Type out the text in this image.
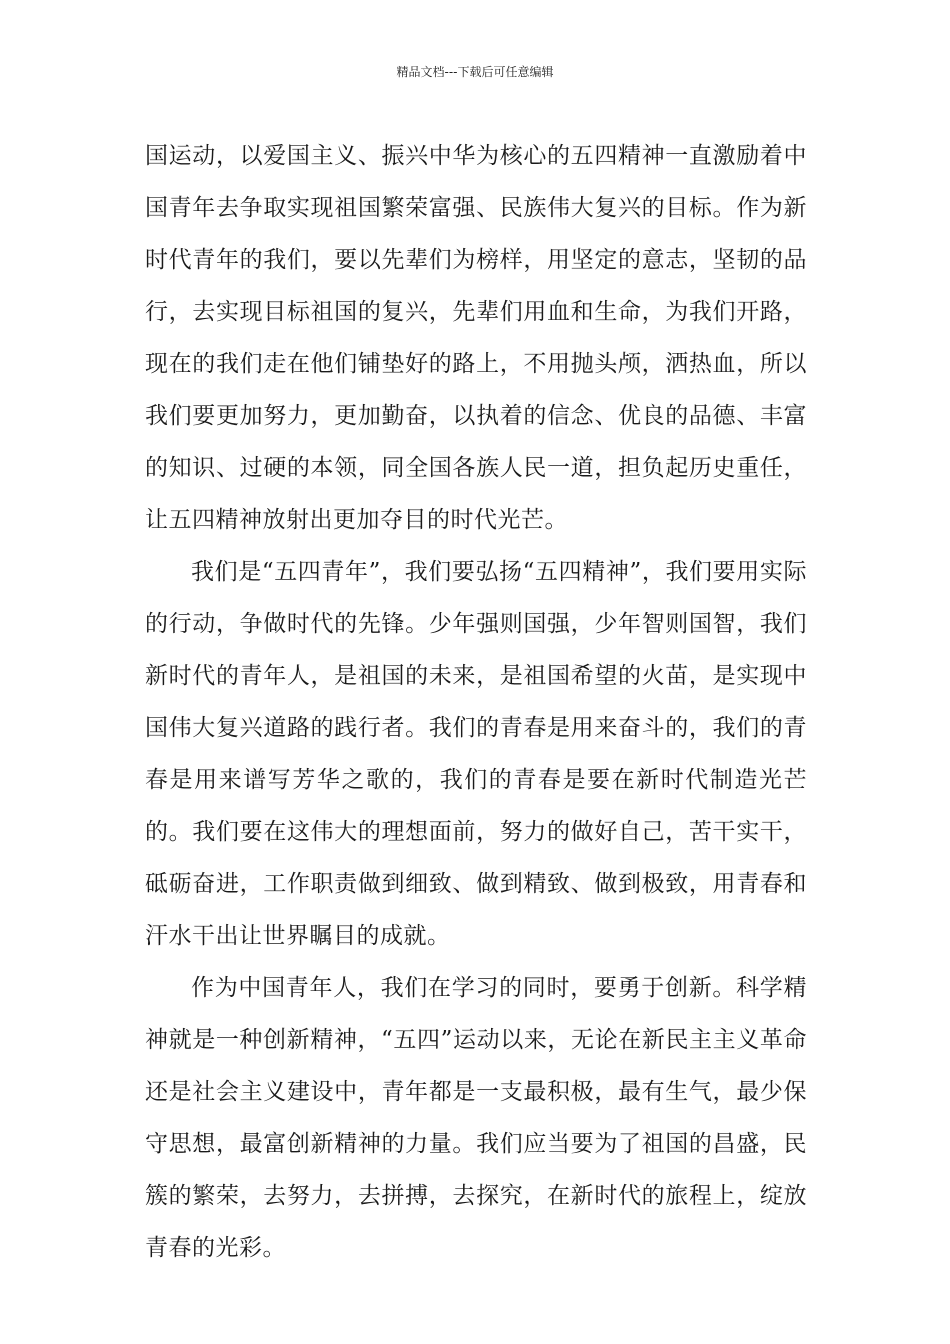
精品文档---下载后可任意编辑

国运动，以爱国主义、振兴中华为核心的五四精神一直激励着中国青年去争取实现祖国繁荣富强、民族伟大复兴的目标。作为新时代青年的我们，要以先辈们为榜样，用坚定的意志，坚韧的品行，去实现目标祖国的复兴，先辈们用血和生命，为我们开路，现在的我们走在他们铺垫好的路上，不用抛头颅，洒热血，所以我们要更加努力，更加勤奋，以执着的信念、优良的品德、丰富的知识、过硬的本领，同全国各族人民一道，担负起历史重任，让五四精神放射出更加夺目的时代光芒。

我们是“五四青年”，我们要弘扬“五四精神”，我们要用实际的行动，争做时代的先锋。少年强则国强，少年智则国智，我们新时代的青年人，是祖国的未来，是祖国希望的火苗，是实现中国伟大复兴道路的践行者。我们的青春是用来奋斗的，我们的青春是用来谱写芳华之歌的，我们的青春是要在新时代制造光芒的。我们要在这伟大的理想面前，努力的做好自己，苦干实干，砥砺奋进，工作职责做到细致、做到精致、做到极致，用青春和汗水干出让世界瞩目的成就。

作为中国青年人，我们在学习的同时，要勇于创新。科学精神就是一种创新精神，“五四”运动以来，无论在新民主主义革命还是社会主义建设中，青年都是一支最积极，最有生气，最少保守思想，最富创新精神的力量。我们应当要为了祖国的昌盛，民簇的繁荣，去努力，去拼搏，去探究，在新时代的旅程上，绽放青春的光彩。
